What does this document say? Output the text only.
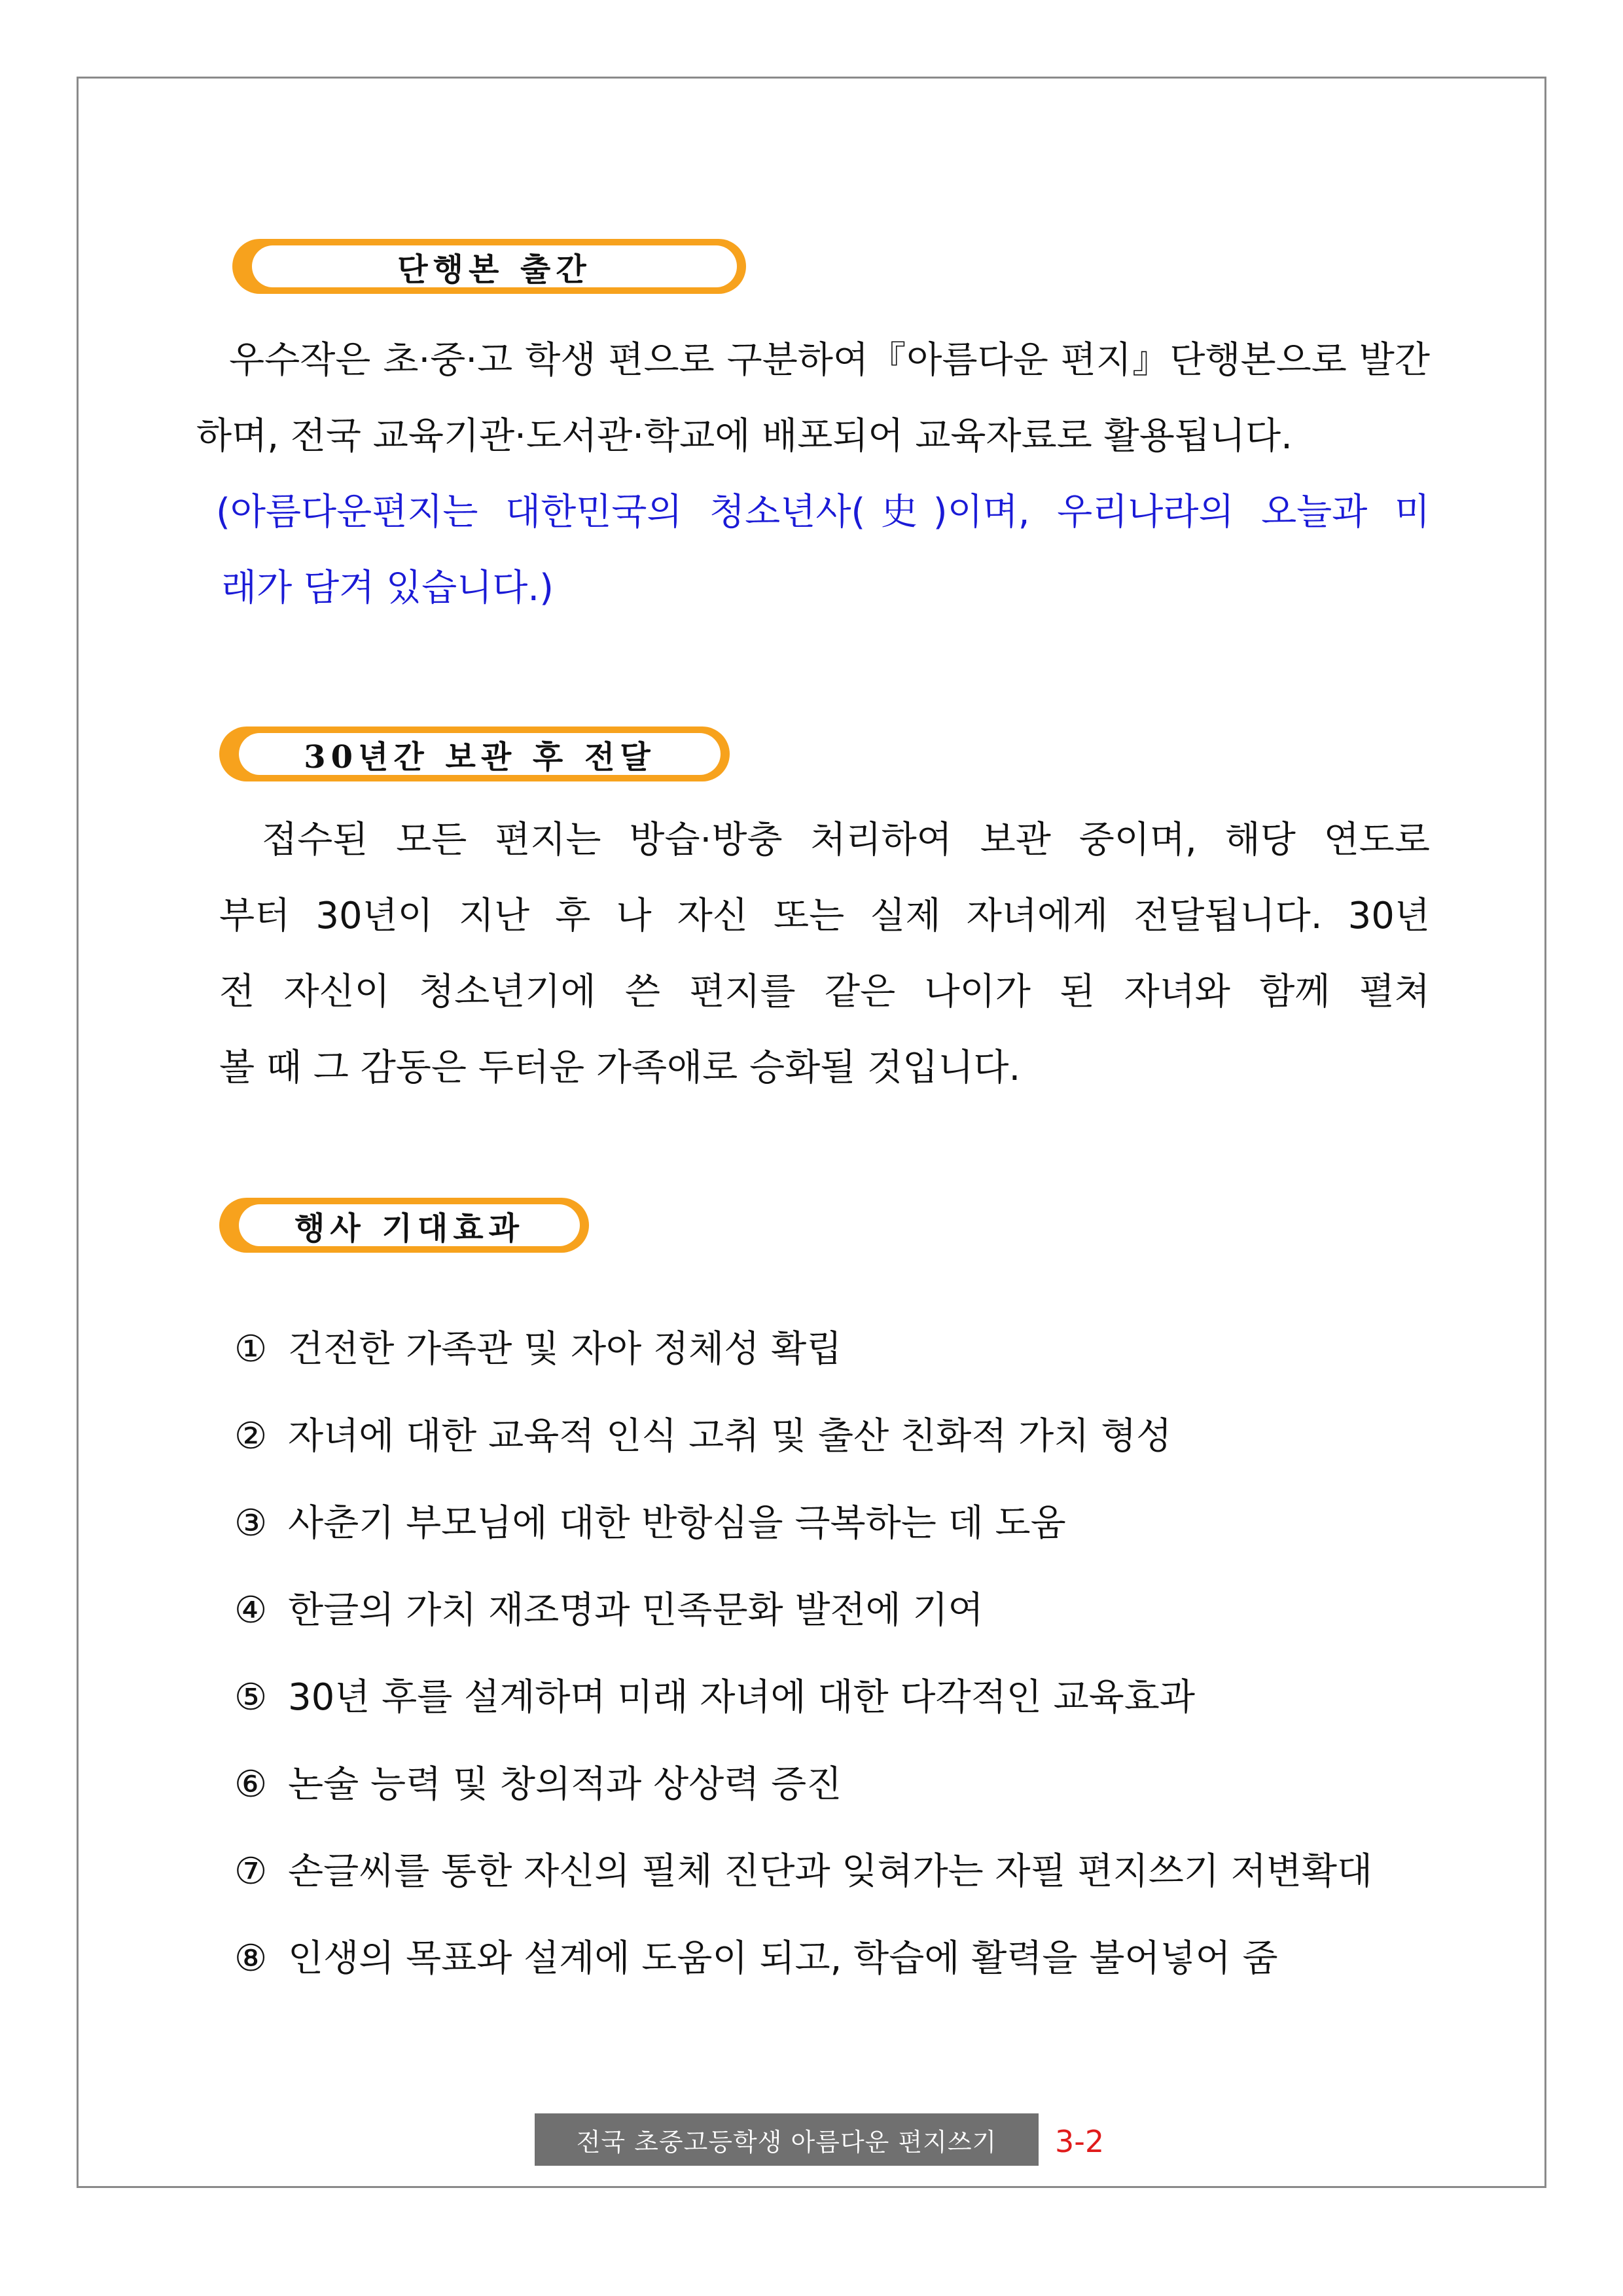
단행본 출간

우수작은 초·중·고 학생 편으로 구분하여『아름다운 편지』단행본으로 발간
하며, 전국 교육기관·도서관·학교에 배포되어 교육자료로 활용됩니다.

(아름다운편지는 대한민국의 청소년사(史)이며, 우리나라의 오늘과 미
래가 담겨 있습니다.)

30년간 보관 후 전달

접수된 모든 편지는 방습·방충 처리하여 보관 중이며, 해당 연도로
부터 30년이 지난 후 나 자신 또는 실제 자녀에게 전달됩니다. 30년
전 자신이 청소년기에 쓴 편지를 같은 나이가 된 자녀와 함께 펼쳐
볼 때 그 감동은 두터운 가족애로 승화될 것입니다.

행사 기대효과
① 건전한 가족관 및 자아 정체성 확립
② 자녀에 대한 교육적 인식 고취 및 출산 친화적 가치 형성
③ 사춘기 부모님에 대한 반항심을 극복하는 데 도움
④ 한글의 가치 재조명과 민족문화 발전에 기여
⑤ 30년 후를 설계하며 미래 자녀에 대한 다각적인 교육효과
⑥ 논술 능력 및 창의적과 상상력 증진
⑦ 손글씨를 통한 자신의 필체 진단과 잊혀가는 자필 편지쓰기 저변확대
⑧ 인생의 목표와 설계에 도움이 되고, 학습에 활력을 불어넣어 줌
전국 초중고등학생 아름다운 편지쓰기	3-2
